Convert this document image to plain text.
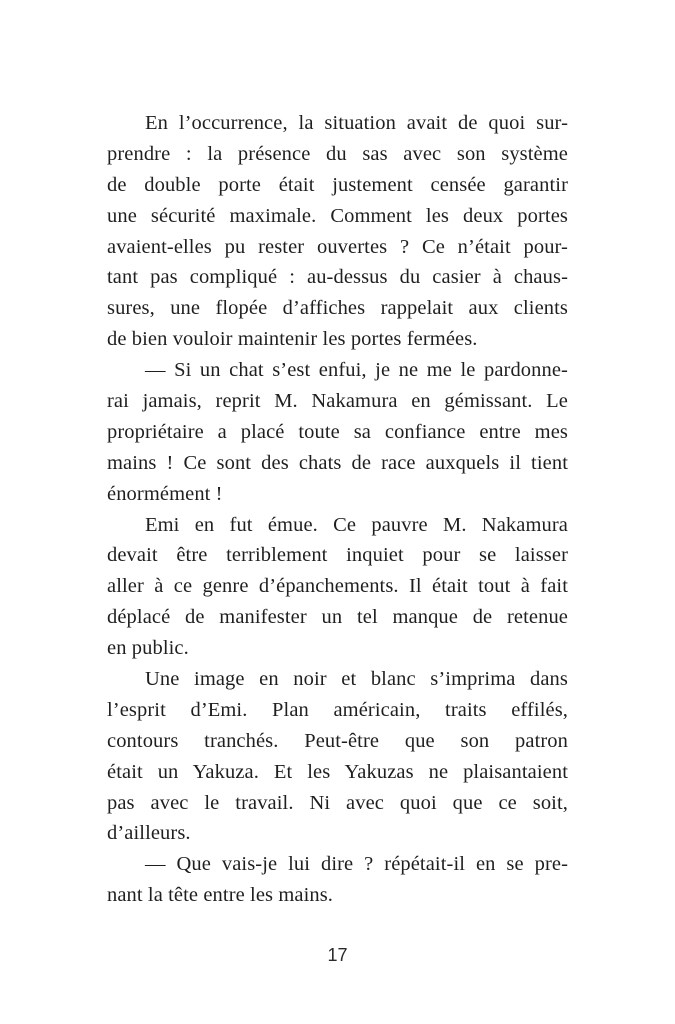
En l’occurrence, la situation avait de quoi sur-
prendre : la présence du sas avec son système
de double porte était justement censée garantir
une sécurité maximale. Comment les deux portes
avaient-elles pu rester ouvertes ? Ce n’était pour-
tant pas compliqué : au-dessus du casier à chaus-
sures, une flopée d’affiches rappelait aux clients
de bien vouloir maintenir les portes fermées.
— Si un chat s’est enfui, je ne me le pardonne-
rai jamais, reprit M. Nakamura en gémissant. Le
propriétaire a placé toute sa confiance entre mes
mains ! Ce sont des chats de race auxquels il tient
énormément !
Emi en fut émue. Ce pauvre M. Nakamura
devait être terriblement inquiet pour se laisser
aller à ce genre d’épanchements. Il était tout à fait
déplacé de manifester un tel manque de retenue
en public.
Une image en noir et blanc s’imprima dans
l’esprit d’Emi. Plan américain, traits effilés,
contours tranchés. Peut-être que son patron
était un Yakuza. Et les Yakuzas ne plaisantaient
pas avec le travail. Ni avec quoi que ce soit,
d’ailleurs.
— Que vais-je lui dire ? répétait-il en se pre-
nant la tête entre les mains.
17
